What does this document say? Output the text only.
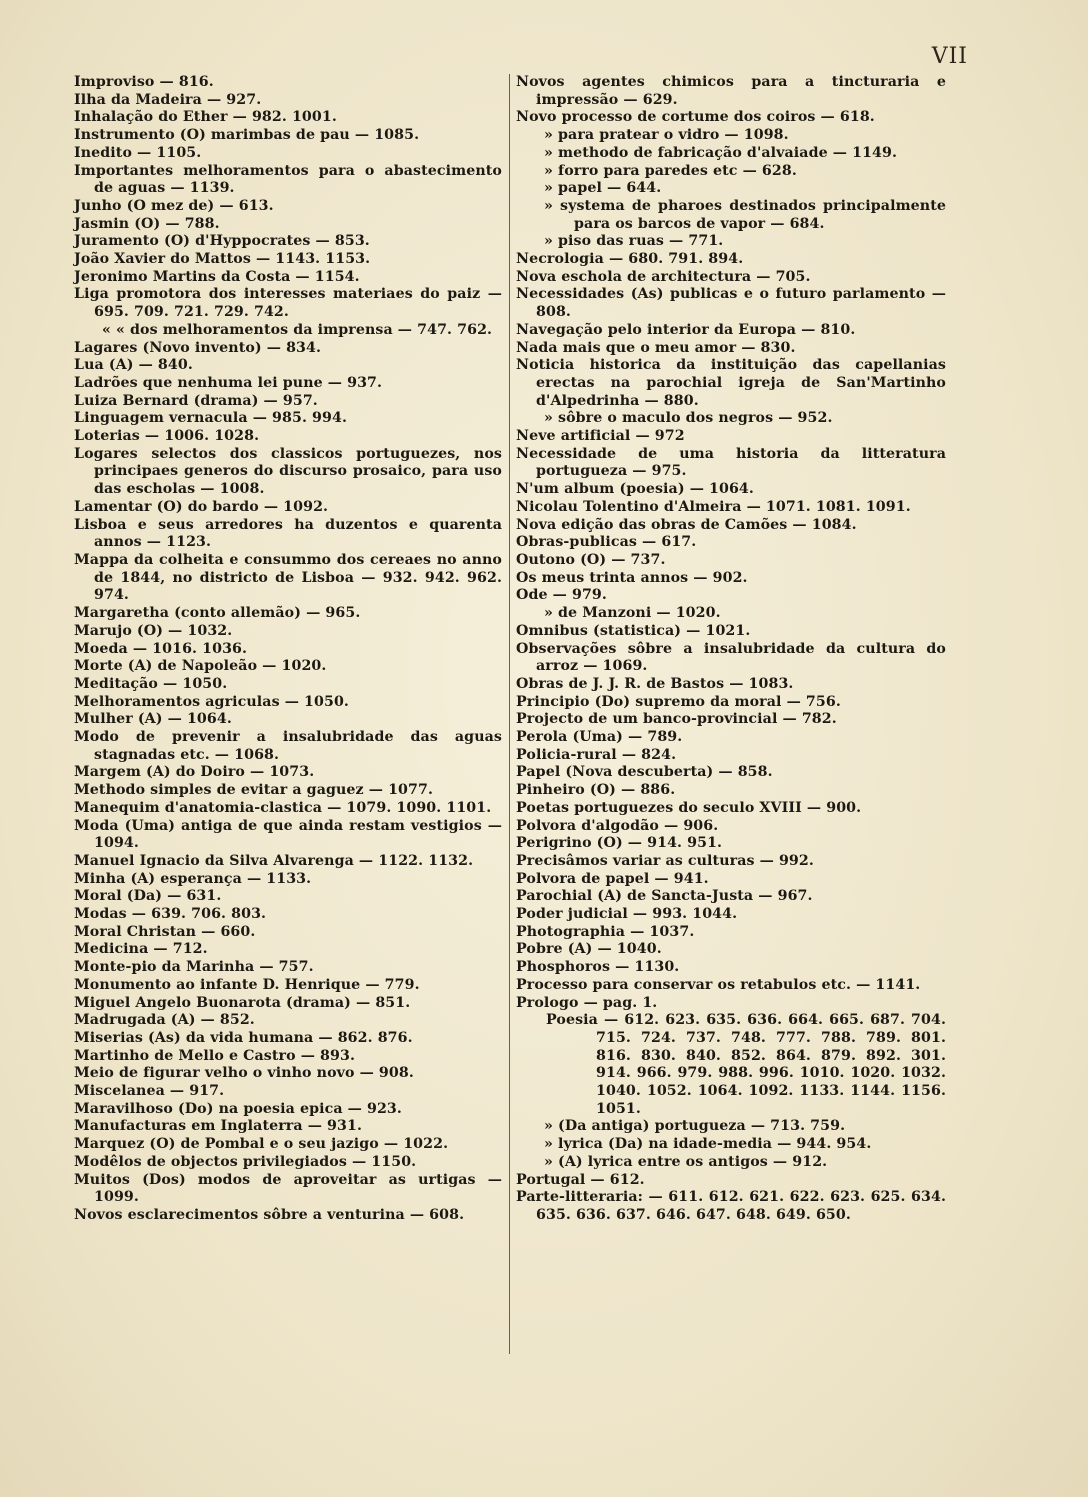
VII
Improviso — 816.
Ilha da Madeira — 927.
Inhalação do Ether — 982. 1001.
Instrumento (O) marimbas de pau — 1085.
Inedito — 1105.
Importantes melhoramentos para o abastecimento de aguas — 1139.
Junho (O mez de) — 613.
Jasmin (O) — 788.
Juramento (O) d'Hyppocrates — 853.
João Xavier do Mattos — 1143. 1153.
Jeronimo Martins da Costa — 1154.
Liga promotora dos interesses materiaes do paiz — 695. 709. 721. 729. 742.
« « dos melhoramentos da imprensa — 747. 762.
Lagares (Novo invento) — 834.
Lua (A) — 840.
Ladrões que nenhuma lei pune — 937.
Luiza Bernard (drama) — 957.
Linguagem vernacula — 985. 994.
Loterias — 1006. 1028.
Logares selectos dos classicos portuguezes, nos principaes generos do discurso prosaico, para uso das escholas — 1008.
Lamentar (O) do bardo — 1092.
Lisboa e seus arredores ha duzentos e quarenta annos — 1123.
Mappa da colheita e consummo dos cereaes no anno de 1844, no districto de Lisboa — 932. 942. 962. 974.
Margaretha (conto allemão) — 965.
Marujo (O) — 1032.
Moeda — 1016. 1036.
Morte (A) de Napoleão — 1020.
Meditação — 1050.
Melhoramentos agriculas — 1050.
Mulher (A) — 1064.
Modo de prevenir a insalubridade das aguas stagnadas etc. — 1068.
Margem (A) do Doiro — 1073.
Methodo simples de evitar a gaguez — 1077.
Manequim d'anatomia-clastica — 1079. 1090. 1101.
Moda (Uma) antiga de que ainda restam vestigios — 1094.
Manuel Ignacio da Silva Alvarenga — 1122. 1132.
Minha (A) esperança — 1133.
Moral (Da) — 631.
Modas — 639. 706. 803.
Moral Christan — 660.
Medicina — 712.
Monte-pio da Marinha — 757.
Monumento ao infante D. Henrique — 779.
Miguel Angelo Buonarota (drama) — 851.
Madrugada (A) — 852.
Miserias (As) da vida humana — 862. 876.
Martinho de Mello e Castro — 893.
Meio de figurar velho o vinho novo — 908.
Miscelanea — 917.
Maravilhoso (Do) na poesia epica — 923.
Manufacturas em Inglaterra — 931.
Marquez (O) de Pombal e o seu jazigo — 1022.
Modêlos de objectos privilegiados — 1150.
Muitos (Dos) modos de aproveitar as urtigas — 1099.
Novos esclarecimentos sôbre a venturina — 608.
Novos agentes chimicos para a tincturaria e impressão — 629.
Novo processo de cortume dos coiros — 618.
» para pratear o vidro — 1098.
» methodo de fabricação d'alvaiade — 1149.
» forro para paredes etc — 628.
» papel — 644.
» systema de pharoes destinados principalmente para os barcos de vapor — 684.
» piso das ruas — 771.
Necrologia — 680. 791. 894.
Nova eschola de architectura — 705.
Necessidades (As) publicas e o futuro parlamento — 808.
Navegação pelo interior da Europa — 810.
Nada mais que o meu amor — 830.
Noticia historica da instituição das capellanias erectas na parochial igreja de San'Martinho d'Alpedrinha — 880.
» sôbre o maculo dos negros — 952.
Neve artificial — 972
Necessidade de uma historia da litteratura portugueza — 975.
N'um album (poesia) — 1064.
Nicolau Tolentino d'Almeira — 1071. 1081. 1091.
Nova edição das obras de Camões — 1084.
Obras-publicas — 617.
Outono (O) — 737.
Os meus trinta annos — 902.
Ode — 979.
» de Manzoni — 1020.
Omnibus (statistica) — 1021.
Observações sôbre a insalubridade da cultura do arroz — 1069.
Obras de J. J. R. de Bastos — 1083.
Principio (Do) supremo da moral — 756.
Projecto de um banco-provincial — 782.
Perola (Uma) — 789.
Policia-rural — 824.
Papel (Nova descuberta) — 858.
Pinheiro (O) — 886.
Poetas portuguezes do seculo XVIII — 900.
Polvora d'algodão — 906.
Perigrino (O) — 914. 951.
Precisâmos variar as culturas — 992.
Polvora de papel — 941.
Parochial (A) de Sancta-Justa — 967.
Poder judicial — 993. 1044.
Photographia — 1037.
Pobre (A) — 1040.
Phosphoros — 1130.
Processo para conservar os retabulos etc. — 1141.
Prologo — pag. 1.
Poesia — 612. 623. 635. 636. 664. 665. 687. 704. 715. 724. 737. 748. 777. 788. 789. 801. 816. 830. 840. 852. 864. 879. 892. 301. 914. 966. 979. 988. 996. 1010. 1020. 1032. 1040. 1052. 1064. 1092. 1133. 1144. 1156. 1051.
» (Da antiga) portugueza — 713. 759.
» lyrica (Da) na idade-media — 944. 954.
» (A) lyrica entre os antigos — 912.
Portugal — 612.
Parte-litteraria: — 611. 612. 621. 622. 623. 625. 634. 635. 636. 637. 646. 647. 648. 649. 650.
